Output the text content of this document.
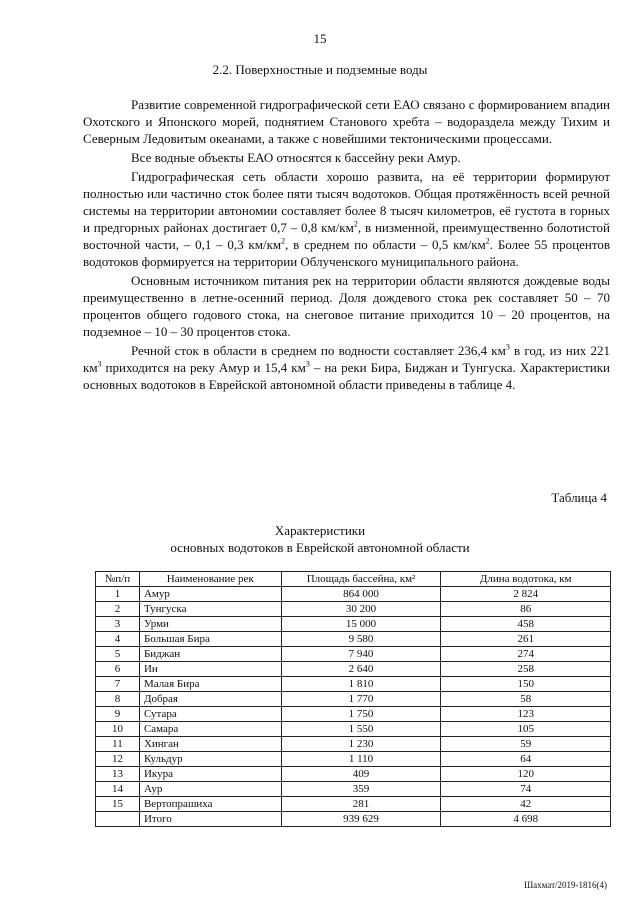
15
2.2. Поверхностные и подземные воды

Развитие современной гидрографической сети ЕАО связано с формированием впадин Охотского и Японского морей, поднятием Станового хребта – водораздела между Тихим и Северным Ледовитым океанами, а также с новейшими тектоническими процессами.

Все водные объекты ЕАО относятся к бассейну реки Амур.

Гидрографическая сеть области хорошо развита, на её территории формируют полностью или частично сток более пяти тысяч водотоков. Общая протяжённость всей речной системы на территории автономии составляет более 8 тысяч километров, её густота в горных и предгорных районах достигает 0,7 – 0,8 $км/км^2$, в низменной, преимущественно болотистой восточной части, – 0,1 – 0,3 $км/км^2$, в среднем по области – 0,5 $км/км^2$. Более 55 процентов водотоков формируется на территории Облученского муниципального района.

Основным источником питания рек на территории области являются дождевые воды преимущественно в летне-осенний период. Доля дождевого стока рек составляет 50 – 70 процентов общего годового стока, на снеговое питание приходится 10 – 20 процентов, на подземное – 10 – 30 процентов стока.

Речной сток в области в среднем по водности составляет 236,4 $км^3$ в год, из них 221 $км^3$ приходится на реку Амур и 15,4 $км^3$ – на реки Бира, Биджан и Тунгуска. Характеристики основных водотоков в Еврейской автономной области приведены в таблице 4.

Таблица 4
Характеристики
основных водотоков в Еврейской автономной области
№п/п	Наименование рек	Площадь бассейна, км²	Длина водотока, км
1	Амур	864 000	2 824
2	Тунгуска	30 200	86
3	Урми	15 000	458
4	Большая Бира	9 580	261
5	Биджан	7 940	274
6	Ин	2 640	258
7	Малая Бира	1 810	150
8	Добрая	1 770	58
9	Сутара	1 750	123
10	Самара	1 550	105
11	Хинган	1 230	59
12	Кульдур	1 110	64
13	Икура	409	120
14	Аур	359	74
15	Вертопрашиха	281	42
	Итого	939 629	4 698
Шахмат/2019-1816(4)
